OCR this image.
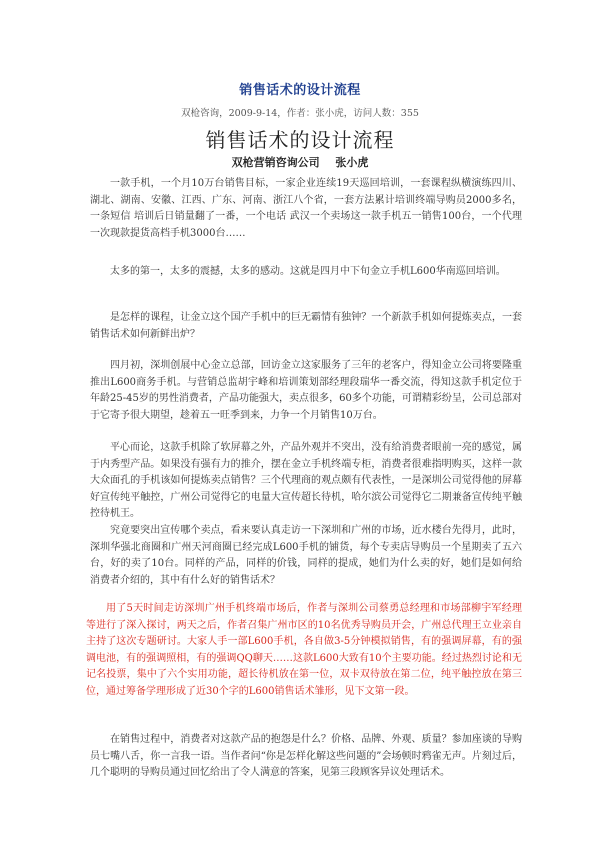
销售话术的设计流程
双枪咨询，2009-9-14，作者：张小虎，访问人数：355
销售话术的设计流程
双枪营销咨询公司 张小虎

一款手机，一个月10万台销售目标，一家企业连续19天巡回培训，一套课程纵横演练四川、湖北、湖南、安徽、江西、广东、河南、浙江八个省，一套方法累计培训终端导购员2000多名，一条短信 培训后日销量翻了一番，一个电话 武汉一个卖场这一款手机五一销售100台，一个代理一次现款提货高档手机3000台……

太多的第一，太多的震撼，太多的感动。这就是四月中下旬金立手机L600华南巡回培训。

是怎样的课程，让金立这个国产手机中的巨无霸情有独钟？一个新款手机如何提炼卖点，一套销售话术如何新鲜出炉？

四月初，深圳创展中心金立总部，回访金立这家服务了三年的老客户，得知金立公司将要隆重推出L600商务手机。与营销总监胡宇峰和培训策划部经理段瑞华一番交流，得知这款手机定位于年龄25-45岁的男性消费者，产品功能强大，卖点很多，60多个功能，可谓精彩纷呈，公司总部对于它寄予很大期望，趁着五一旺季到来，力争一个月销售10万台。

平心而论，这款手机除了软屏幕之外，产品外观并不突出，没有给消费者眼前一亮的感觉，属于内秀型产品。如果没有强有力的推介，摆在金立手机终端专柜，消费者很难指明购买，这样一款大众面孔的手机该如何提炼卖点销售？三个代理商的观点颇有代表性，一是深圳公司觉得他的屏幕好宣传纯平触控，广州公司觉得它的电量大宣传超长待机，哈尔滨公司觉得它二期兼备宣传纯平触控待机王。

究竟要突出宣传哪个卖点，看来要认真走访一下深圳和广州的市场，近水楼台先得月，此时，深圳华强北商圈和广州天河商圈已经完成L600手机的铺货，每个专卖店导购员一个星期卖了五六台，好的卖了10台。同样的产品，同样的价钱，同样的提成，她们为什么卖的好，她们是如何给消费者介绍的，其中有什么好的销售话术？

用了5天时间走访深圳广州手机终端市场后，作者与深圳公司蔡勇总经理和市场部柳宇军经理等进行了深入探讨，两天之后，作者召集广州市区的10名优秀导购员开会，广州总代理王立业亲自主持了这次专题研讨。大家人手一部L600手机，各自做3-5分钟模拟销售，有的强调屏幕，有的强调电池，有的强调照相，有的强调QQ聊天……这款L600大致有10个主要功能。经过热烈讨论和无记名投票，集中了六个实用功能，超长待机放在第一位，双卡双待放在第二位，纯平触控放在第三位，通过筹备学理形成了近30个字的L600销售话术雏形，见下文第一段。

在销售过程中，消费者对这款产品的抱怨是什么？价格、品牌、外观、质量？参加座谈的导购员七嘴八舌，你一言我一语。当作者问“你是怎样化解这些问题的”会场顿时鸦雀无声。片刻过后，几个聪明的导购员通过回忆给出了令人满意的答案，见第三段顾客异议处理话术。
